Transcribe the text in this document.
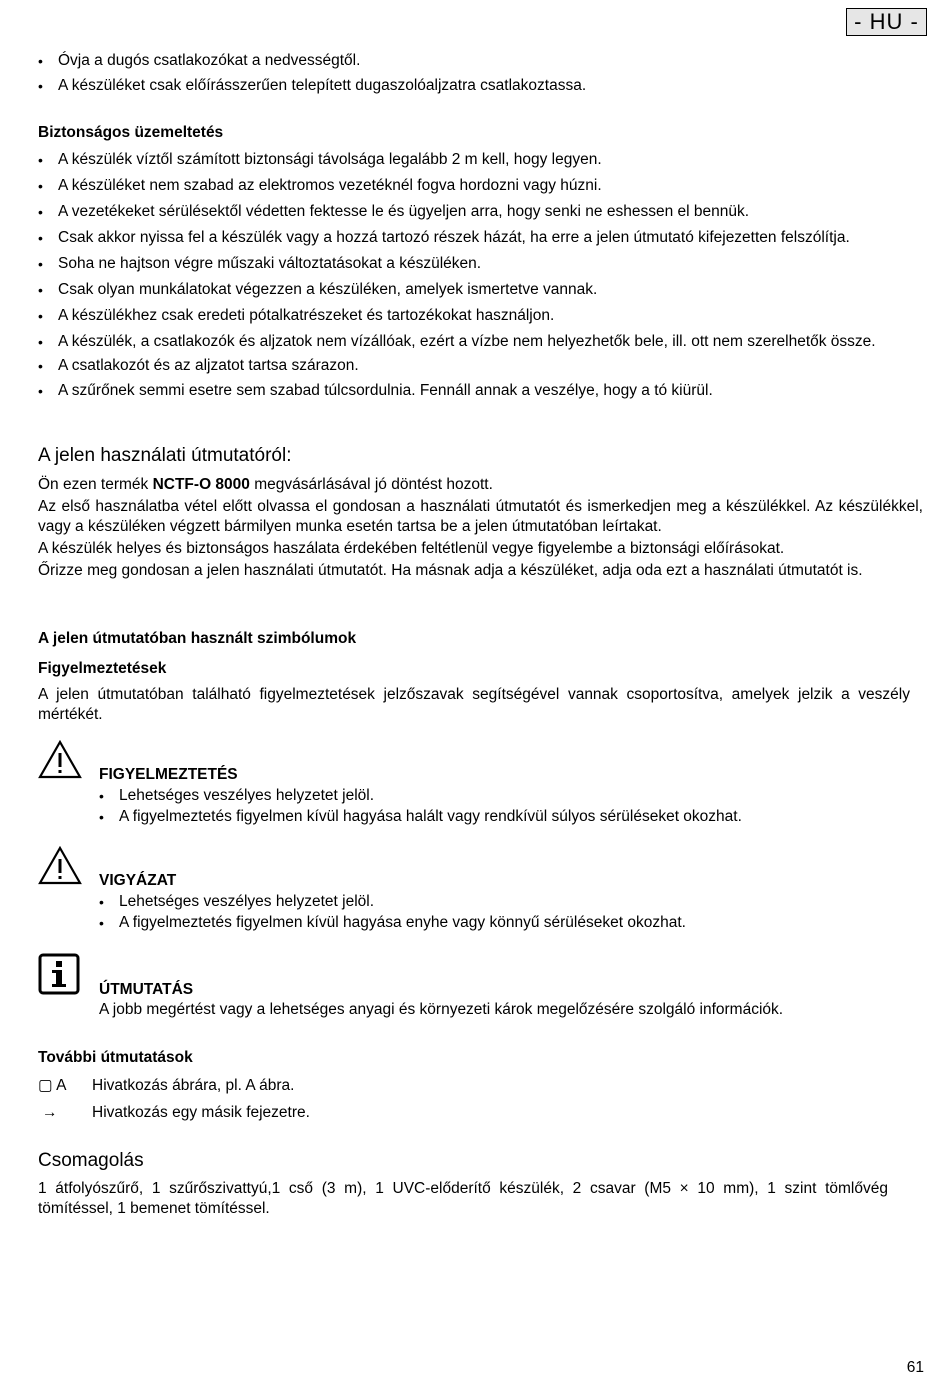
- HU -
• Óvja a dugós csatlakozókat a nedvességtől.
• A készüléket csak előírásszerűen telepített dugaszolóaljzatra csatlakoztassa.
Biztonságos üzemeltetés
• A készülék víztől számított biztonsági távolsága legalább 2 m kell, hogy legyen.
• A készüléket nem szabad az elektromos vezetéknél fogva hordozni vagy húzni.
• A vezetékeket sérülésektől védetten fektesse le és ügyeljen arra, hogy senki ne eshessen el bennük.
• Csak akkor nyissa fel a készülék vagy a hozzá tartozó részek házát, ha erre a jelen útmutató kifejezetten felszólítja.
• Soha ne hajtson végre műszaki változtatásokat a készüléken.
• Csak olyan munkálatokat végezzen a készüléken, amelyek ismertetve vannak.
• A készülékhez csak eredeti pótalkatrészeket és tartozékokat használjon.
• A készülék, a csatlakozók és aljzatok nem vízállóak, ezért a vízbe nem helyezhetők bele, ill. ott nem szerelhetők össze.
• A csatlakozót és az aljzatot tartsa szárazon.
• A szűrőnek semmi esetre sem szabad túlcsordulnia. Fennáll annak a veszélye, hogy a tó kiürül.
A jelen használati útmutatóról:

Ön ezen termék NCTF-O 8000 megvásárlásával jó döntést hozott.

Az első használatba vétel előtt olvassa el gondosan a használati útmutatót és ismerkedjen meg a készülékkel. Az készülékkel, vagy a készüléken végzett bármilyen munka esetén tartsa be a jelen útmutatóban leírtakat.

A készülék helyes és biztonságos haszálata érdekében feltétlenül vegye figyelembe a biztonsági előírásokat.

Őrizze meg gondosan a jelen használati útmutatót. Ha másnak adja a készüléket, adja oda ezt a használati útmutatót is.

A jelen útmutatóban használt szimbólumok
Figyelmeztetések
A jelen útmutatóban található figyelmeztetések jelzőszavak segítségével vannak csoportosítva, amelyek jelzik a veszély mértékét.
FIGYELMEZTETÉS
• Lehetséges veszélyes helyzetet jelöl.
• A figyelmeztetés figyelmen kívül hagyása halált vagy rendkívül súlyos sérüléseket okozhat.
VIGYÁZAT
• Lehetséges veszélyes helyzetet jelöl.
• A figyelmeztetés figyelmen kívül hagyása enyhe vagy könnyű sérüléseket okozhat.
ÚTMUTATÁS
A jobb megértést vagy a lehetséges anyagi és környezeti károk megelőzésére szolgáló információk.
További útmutatások
▢ A	Hivatkozás ábrára, pl. A ábra.
→	Hivatkozás egy másik fejezetre.
Csomagolás
1 átfolyószűrő, 1 szűrőszivattyú,1 cső (3 m), 1 UVC-előderítő készülék, 2 csavar (M5 × 10 mm), 1 szint tömlővég tömítéssel, 1 bemenet tömítéssel.
61
